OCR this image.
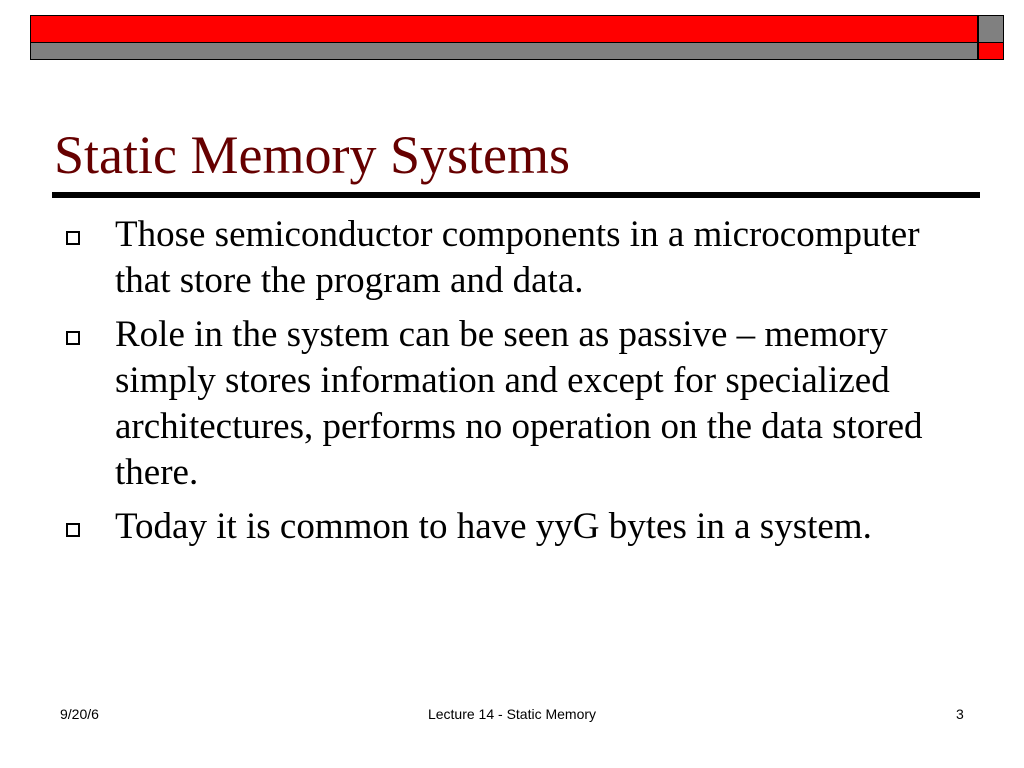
Static Memory Systems
Those semiconductor components in a microcomputer that store the program and data.
Role in the system can be seen as passive – memory simply stores information and except for specialized architectures, performs no operation on the data stored there.
Today it is common to have yyG bytes in a system.
9/20/6	Lecture 14 - Static Memory	3
